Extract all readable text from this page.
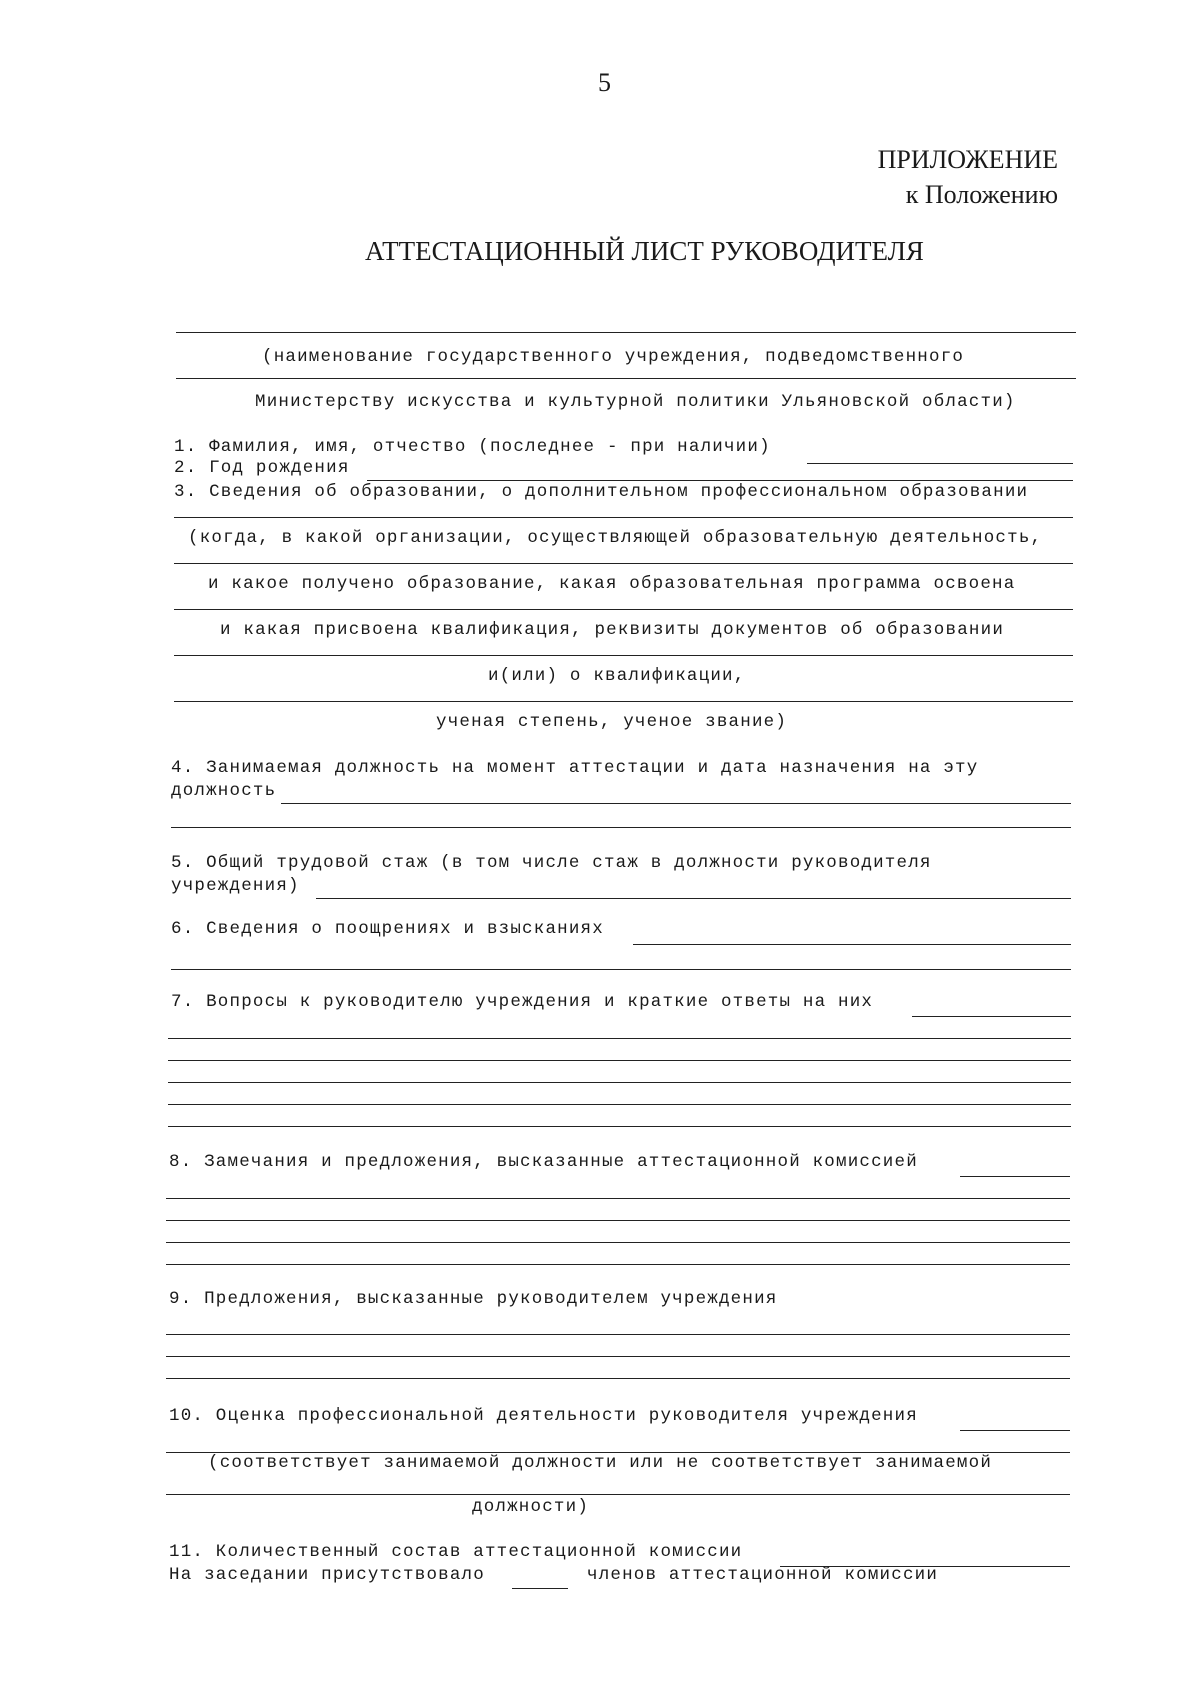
5
ПРИЛОЖЕНИЕ
к Положению
АТТЕСТАЦИОННЫЙ ЛИСТ РУКОВОДИТЕЛЯ
(наименование государственного учреждения, подведомственного
Министерству искусства и культурной политики Ульяновской области)
1. Фамилия, имя, отчество (последнее - при наличии)
2. Год рождения
3. Сведения об образовании, о дополнительном профессиональном образовании
(когда, в какой организации, осуществляющей образовательную деятельность,
и какое получено образование, какая образовательная программа освоена
и какая присвоена квалификация, реквизиты документов об образовании
и(или) о квалификации,
ученая степень, ученое звание)
4. Занимаемая должность на момент аттестации и дата назначения на эту
должность
5. Общий трудовой стаж (в том числе стаж в должности руководителя
учреждения)
6. Сведения о поощрениях и взысканиях
7. Вопросы к руководителю учреждения и краткие ответы на них
8. Замечания и предложения, высказанные аттестационной комиссией
9. Предложения, высказанные руководителем учреждения
10. Оценка профессиональной деятельности руководителя учреждения
(соответствует занимаемой должности или не соответствует занимаемой
должности)
11. Количественный состав аттестационной комиссии
На заседании присутствовало	членов аттестационной комиссии
